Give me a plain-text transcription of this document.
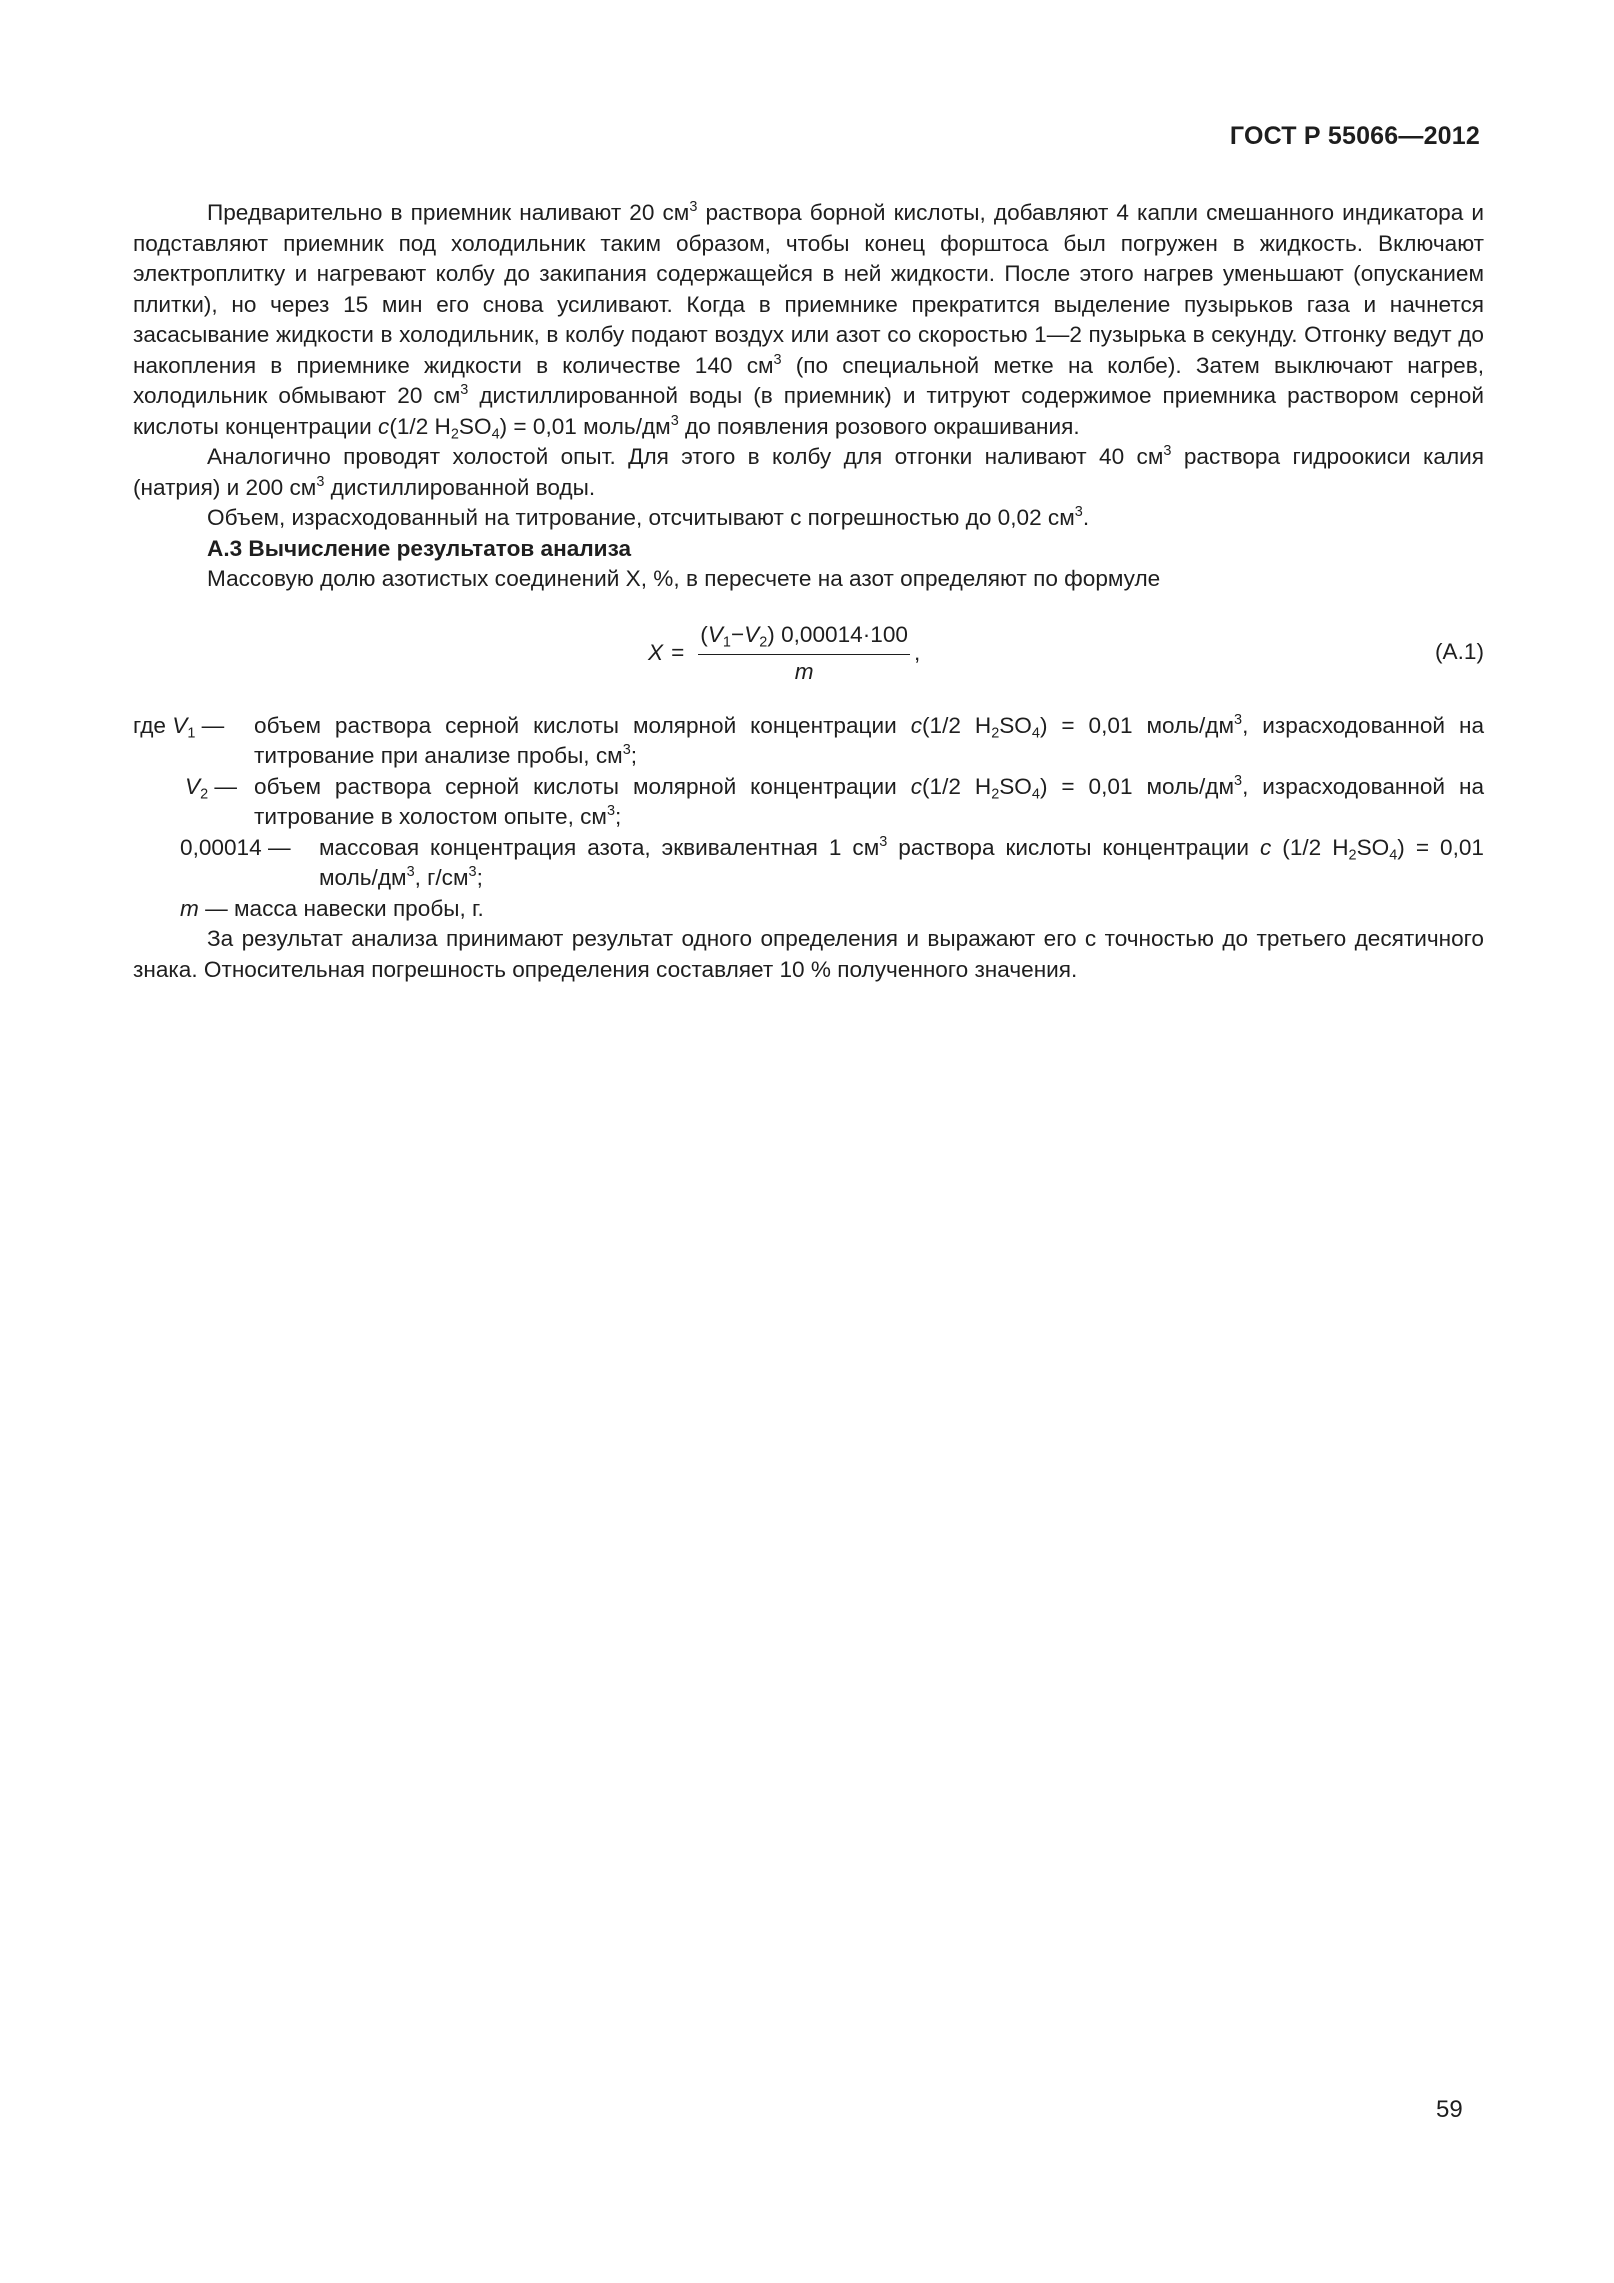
ГОСТ Р 55066—2012

Предварительно в приемник наливают 20 $см^3$ раствора борной кислоты, добавляют 4 капли смешанного индикатора и подставляют приемник под холодильник таким образом, чтобы конец форштоса был погружен в жидкость. Включают электроплитку и нагревают колбу до закипания содержащейся в ней жидкости. После этого нагрев уменьшают (опусканием плитки), но через 15 мин его снова усиливают. Когда в приемнике прекратится выделение пузырьков газа и начнется засасывание жидкости в холодильник, в колбу подают воздух или азот со скоростью 1—2 пузырька в секунду. Отгонку ведут до накопления в приемнике жидкости в количестве 140 $см^3$ (по специальной метке на колбе). Затем выключают нагрев, холодильник обмывают 20 $см^3$ дистиллированной воды (в приемник) и титруют содержимое приемника раствором серной кислоты концентрации c(1/2 $H_2SO_4) = 0,01$ моль/$дм^3$ до появления розового окрашивания.

Аналогично проводят холостой опыт. Для этого в колбу для отгонки наливают 40 $см^3$ раствора гидроокиси калия (натрия) и 200 $см^3$ дистиллированной воды.

Объем, израсходованный на титрование, отсчитывают с погрешностью до 0,02 $см^3$.

А.3 Вычисление результатов анализа

Массовую долю азотистых соединений X, %, в пересчете на азот определяют по формуле

$X = \frac{(V_1-V_2) 0,00014\cdot 100}{m}$ ,	(А.1)
где $V_1$ —	объем раствора серной кислоты молярной концентрации c(1/2 $H_2SO_4) = 0,01$ моль/$дм^3$, израсходованной на титрование при анализе пробы, $см^3$;
$V_2$ — объем раствора серной кислоты молярной концентрации c(1/2 $H_2SO_4) = 0,01$ моль/$дм^3$, израсходованной на титрование в холостом опыте, $см^3$;
0,00014 —	массовая концентрация азота, эквивалентная 1 $см^3$ раствора кислоты концентрации c (1/2 $H_2SO_4) = 0,01$ моль/$дм^3$, $г/см^3$;
m — масса навески пробы, г.

За результат анализа принимают результат одного определения и выражают его с точностью до третьего десятичного знака. Относительная погрешность определения составляет 10 % полученного значения.

59
